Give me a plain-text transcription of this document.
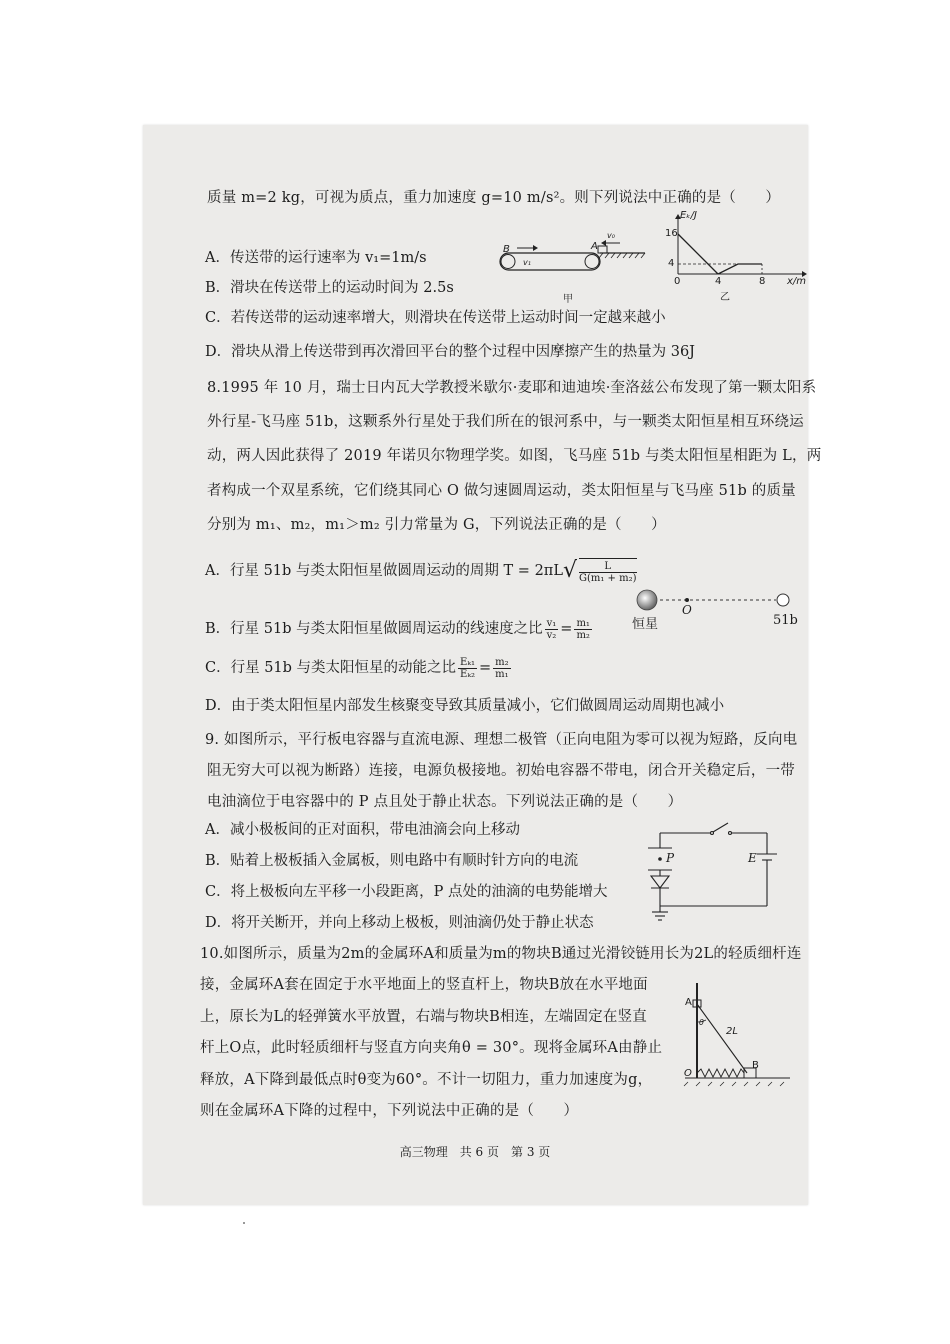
质量 m=2 kg，可视为质点，重力加速度 g=10 m/s²。则下列说法中正确的是（　　）
A．传送带的运行速率为 v₁=1m/s
B．滑块在传送带上的运动时间为 2.5s
C．若传送带的运动速率增大，则滑块在传送带上运动时间一定越来越小
D．滑块从滑上传送带到再次滑回平台的整个过程中因摩擦产生的热量为 36J
B	A
v₁
v₀
甲
Eₖ/J
16
4
0	4	8 x/m
乙
8.1995 年 10 月，瑞士日内瓦大学教授米歇尔·麦耶和迪迪埃·奎洛兹公布发现了第一颗太阳系
外行星-飞马座 51b，这颗系外行星处于我们所在的银河系中，与一颗类太阳恒星相互环绕运
动，两人因此获得了 2019 年诺贝尔物理学奖。如图，飞马座 51b 与类太阳恒星相距为 L，两
者构成一个双星系统，它们绕其同心 O 做匀速圆周运动，类太阳恒星与飞马座 51b 的质量
分别为 m₁、m₂，m₁＞m₂ 引力常量为 G，下列说法正确的是（　　）
A．行星 51b 与类太阳恒星做圆周运动的周期 $T = 2\pi L√ \frac{L}{\text{G(m₁ + m₂)}}$
B．行星 51b 与类太阳恒星做圆周运动的线速度之比 $\frac{\text{v₁}}{\text{v₂}} = \frac{\text{m₁}}{\text{m₂}}$
C．行星 51b 与类太阳恒星的动能之比 $\frac{\text{Eₖ₁}}{\text{Eₖ₂}} = \frac{\text{m₂}}{\text{m₁}}$
D．由于类太阳恒星内部发生核聚变导致其质量减小，它们做圆周运动周期也减小
恒星
O
51b
9. 如图所示，平行板电容器与直流电源、理想二极管（正向电阻为零可以视为短路，反向电
阻无穷大可以视为断路）连接，电源负极接地。初始电容器不带电，闭合开关稳定后，一带
电油滴位于电容器中的 P 点且处于静止状态。下列说法正确的是（　　）
A．减小极板间的正对面积，带电油滴会向上移动
B．贴着上极板插入金属板，则电路中有顺时针方向的电流
C．将上极板向左平移一小段距离，P 点处的油滴的电势能增大
D．将开关断开，并向上移动上极板，则油滴仍处于静止状态
P	E
10.如图所示，质量为2m的金属环A和质量为m的物块B通过光滑铰链用长为2L的轻质细杆连
接，金属环A套在固定于水平地面上的竖直杆上，物块B放在水平地面
上，原长为L的轻弹簧水平放置，右端与物块B相连，左端固定在竖直
杆上O点，此时轻质细杆与竖直方向夹角θ = 30°。现将金属环A由静止
释放，A下降到最低点时θ变为60°。不计一切阻力，重力加速度为g，
则在金属环A下降的过程中，下列说法中正确的是（　　）
A
θ
2L
O
B
高三物理　共 6 页　第 3 页
